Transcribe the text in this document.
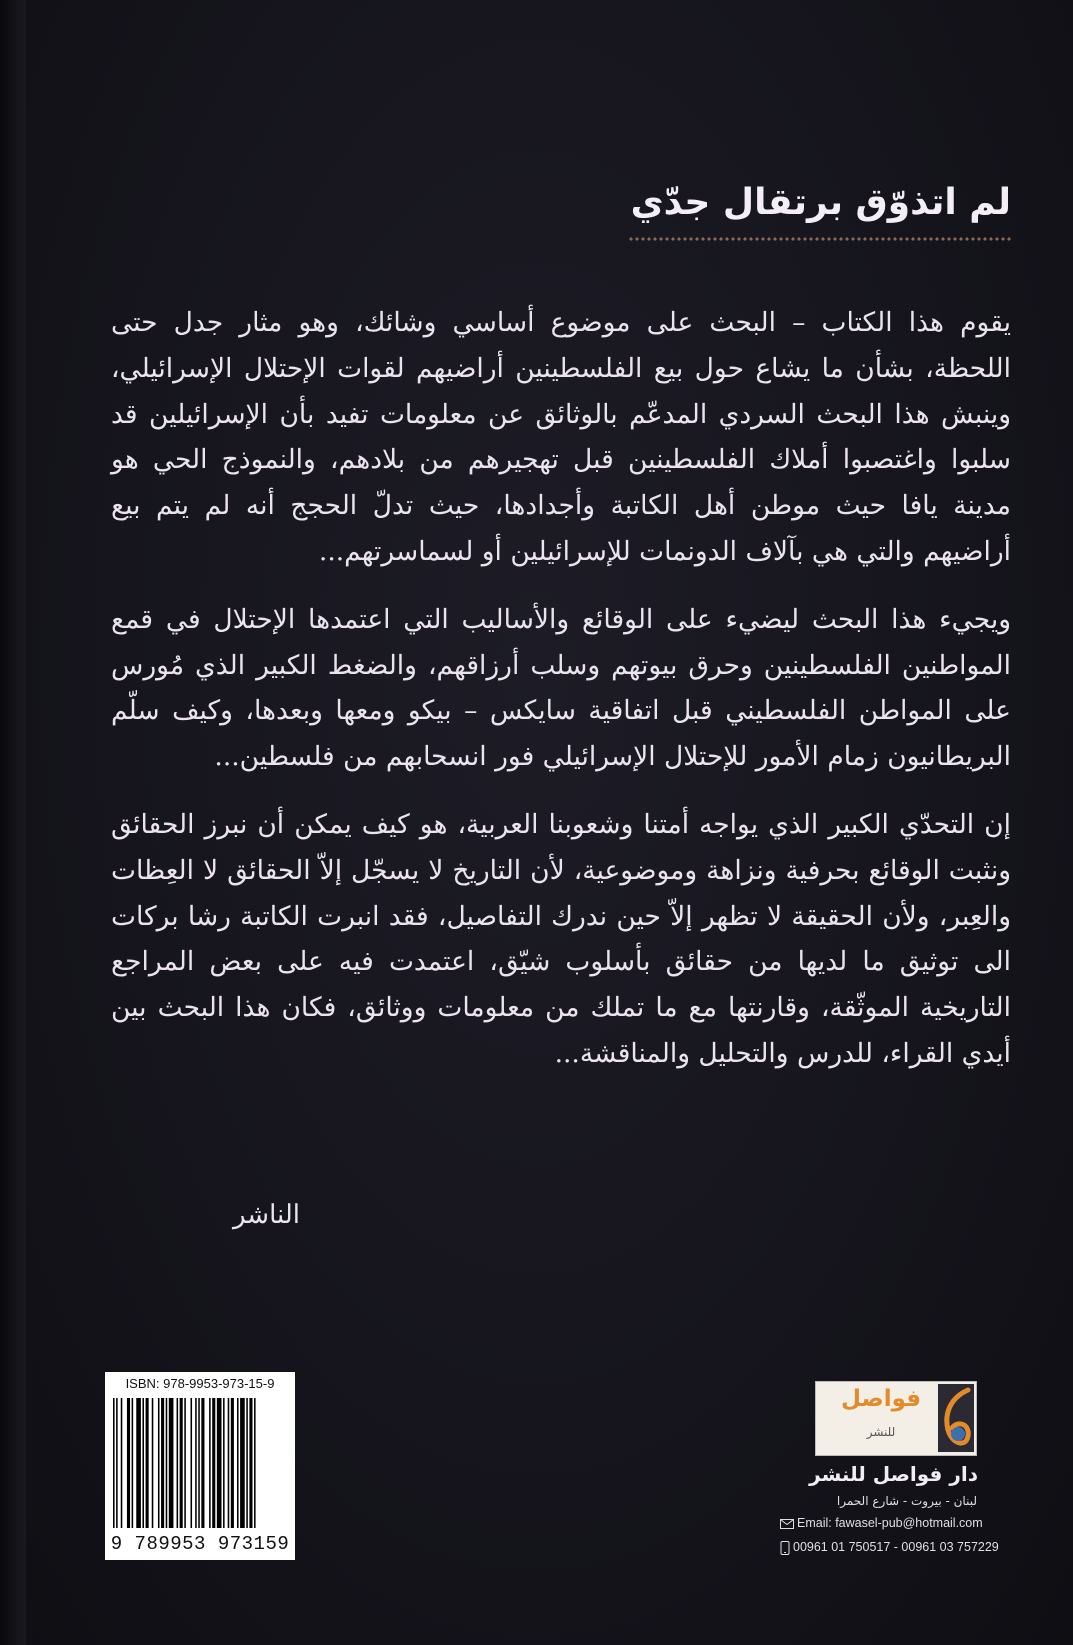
لم اتذوّق برتقال جدّي

يقوم هذا الكتاب – البحث على موضوع أساسي وشائك، وهو مثار جدل حتى اللحظة، بشأن ما يشاع حول بيع الفلسطينين أراضيهم لقوات الإحتلال الإسرائيلي، وينبش هذا البحث السردي المدعّم بالوثائق عن معلومات تفيد بأن الإسرائيلين قد سلبوا واغتصبوا أملاك الفلسطينين قبل تهجيرهم من بلادهم، والنموذج الحي هو مدينة يافا حيث موطن أهل الكاتبة وأجدادها، حيث تدلّ الحجج أنه لم يتم بيع أراضيهم والتي هي بآلاف الدونمات للإسرائيلين أو لسماسرتهم...

ويجيء هذا البحث ليضيء على الوقائع والأساليب التي اعتمدها الإحتلال في قمع المواطنين الفلسطينين وحرق بيوتهم وسلب أرزاقهم، والضغط الكبير الذي مُورس على المواطن الفلسطيني قبل اتفاقية سايكس – بيكو ومعها وبعدها، وكيف سلّم البريطانيون زمام الأمور للإحتلال الإسرائيلي فور انسحابهم من فلسطين...

إن التحدّي الكبير الذي يواجه أمتنا وشعوبنا العربية، هو كيف يمكن أن نبرز الحقائق ونثبت الوقائع بحرفية ونزاهة وموضوعية، لأن التاريخ لا يسجّل إلاّ الحقائق لا العِظات والعِبر، ولأن الحقيقة لا تظهر إلاّ حين ندرك التفاصيل، فقد انبرت الكاتبة رشا بركات الى توثيق ما لديها من حقائق بأسلوب شيّق، اعتمدت فيه على بعض المراجع التاريخية الموثّقة، وقارنتها مع ما تملك من معلومات ووثائق، فكان هذا البحث بين أيدي القراء، للدرس والتحليل والمناقشة...

الناشر
ISBN: 978-9953-973-15-9
9 789953 973159
فواصل
للنشر
دار فواصل للنشر
لبنان - بيروت - شارع الحمرا
Email: fawasel-pub@hotmail.com
00961 01 750517 - 00961 03 757229
